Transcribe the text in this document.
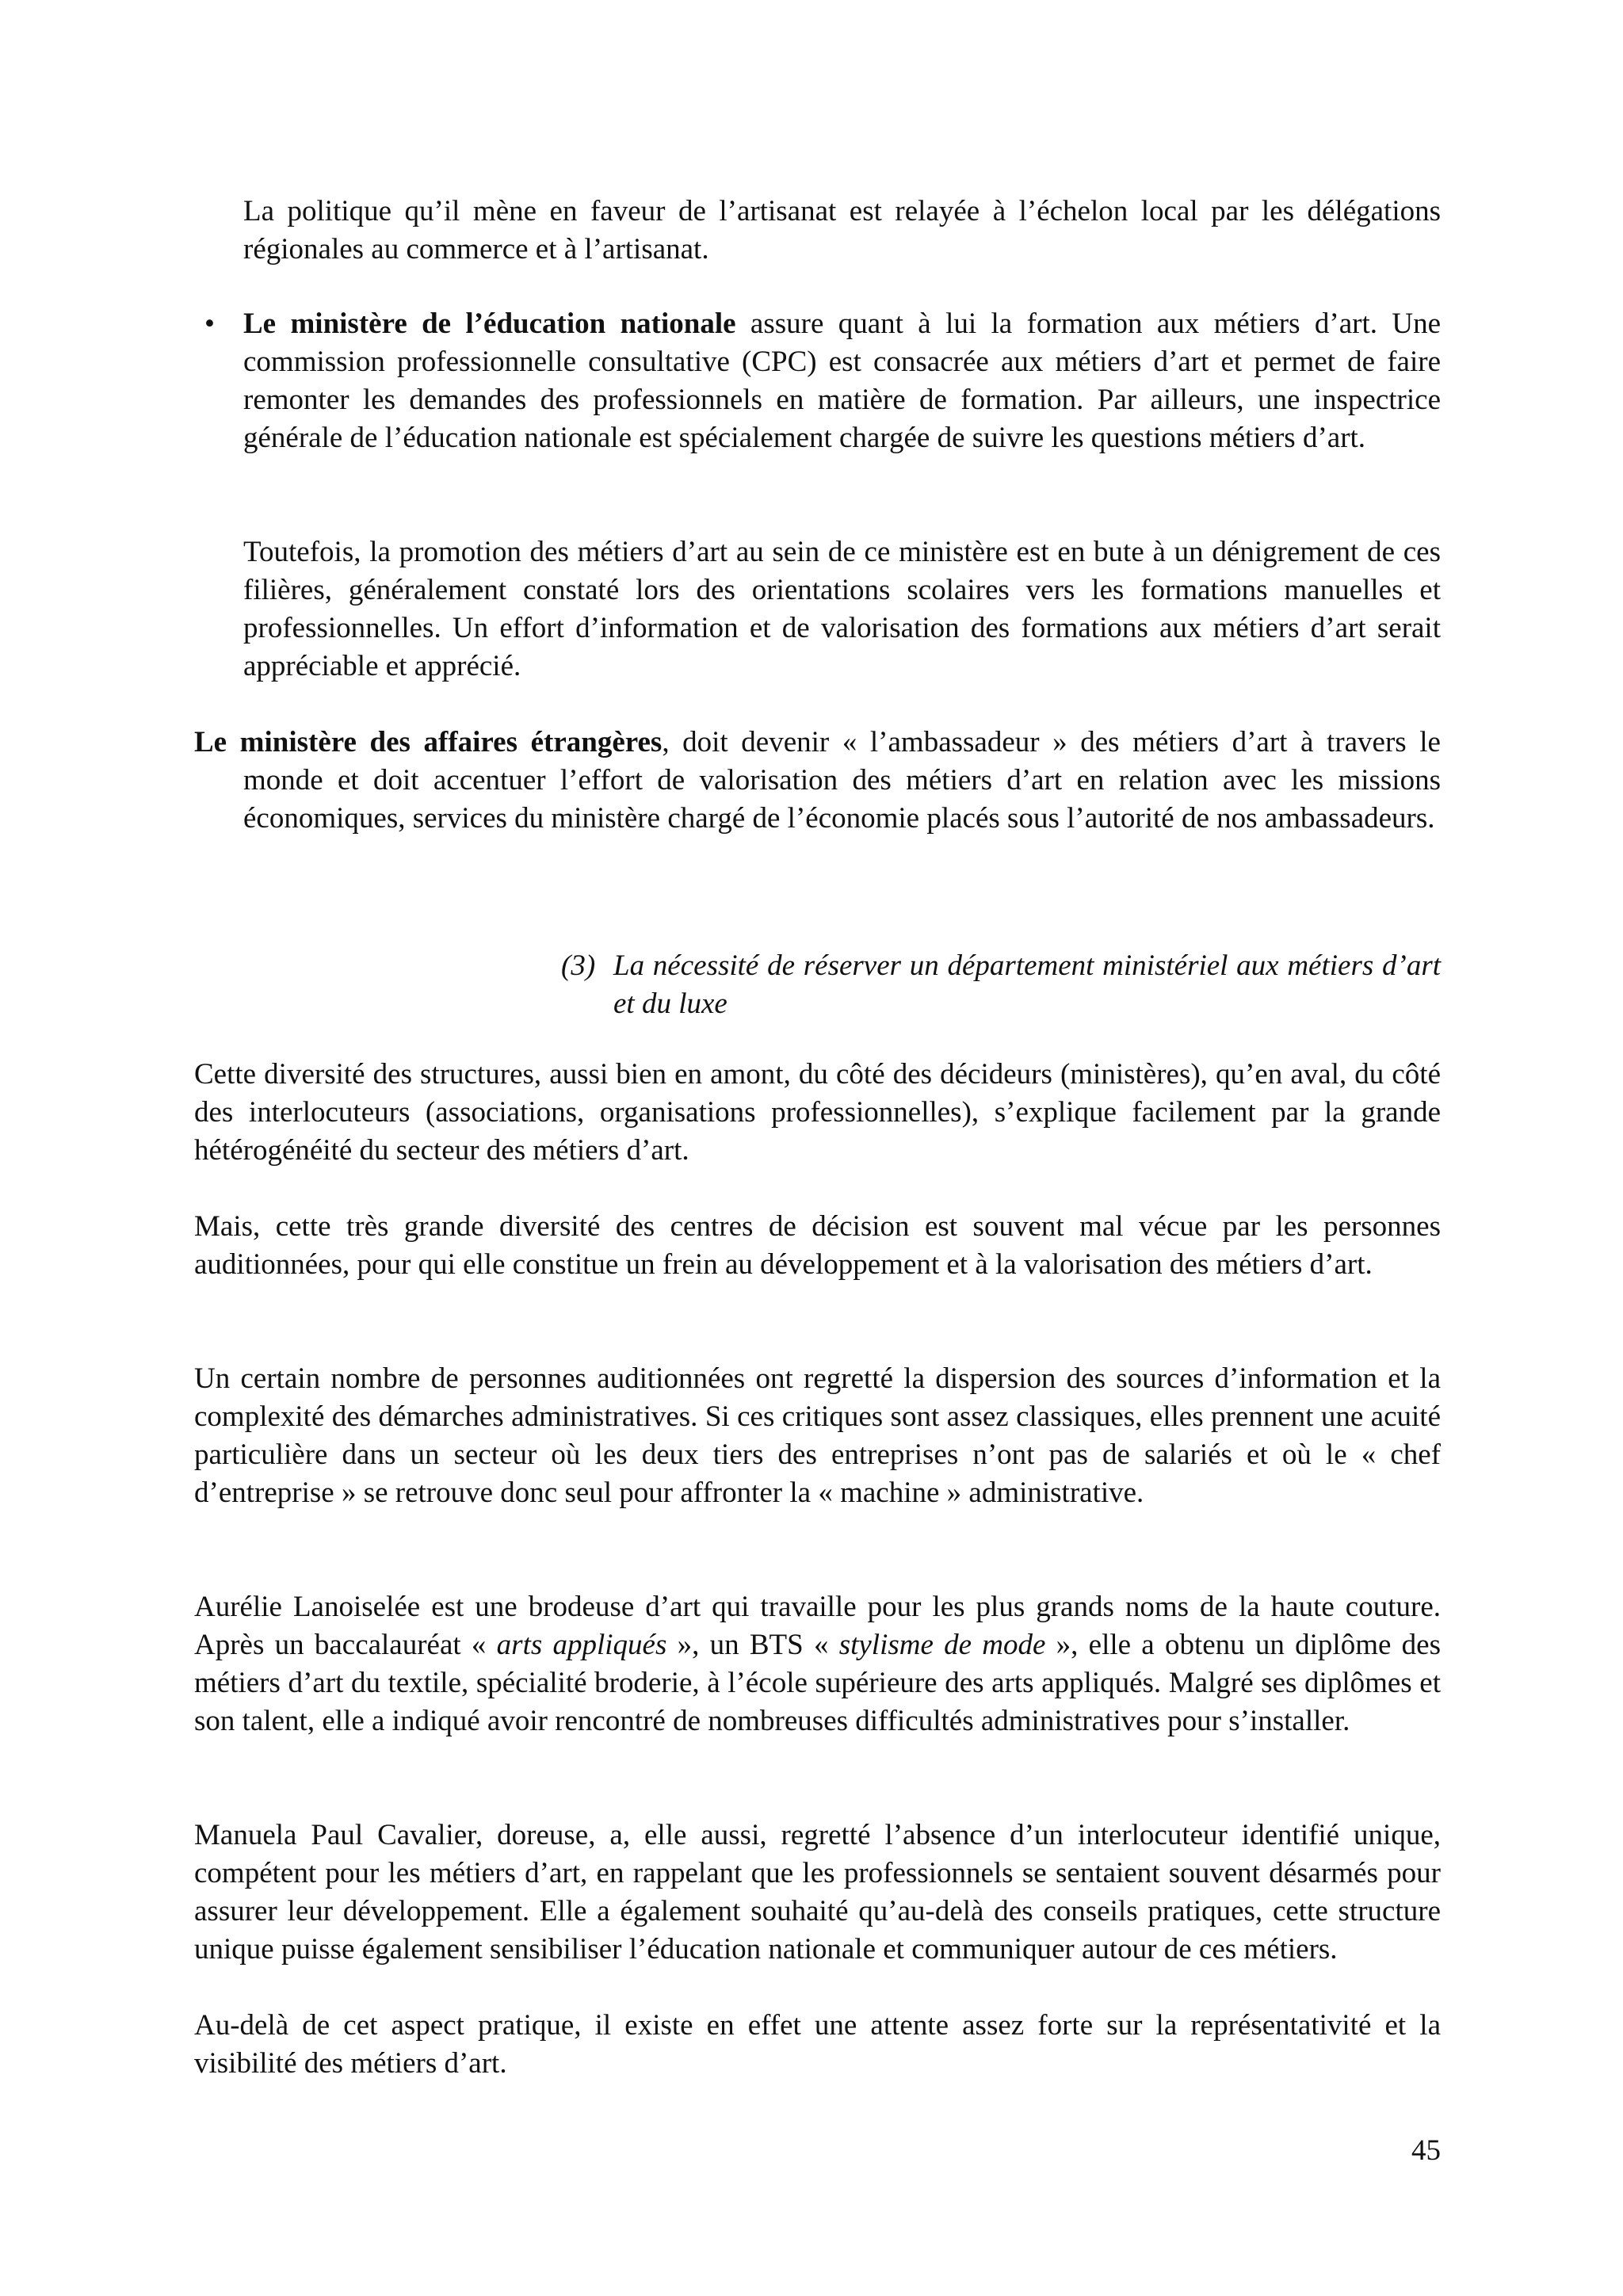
La politique qu’il mène en faveur de l’artisanat est relayée à l’échelon local par les délégations régionales au commerce et à l’artisanat.

• Le ministère de l’éducation nationale assure quant à lui la formation aux métiers d’art. Une commission professionnelle consultative (CPC) est consacrée aux métiers d’art et permet de faire remonter les demandes des professionnels en matière de formation. Par ailleurs, une inspectrice générale de l’éducation nationale est spécialement chargée de suivre les questions métiers d’art.

Toutefois, la promotion des métiers d’art au sein de ce ministère est en bute à un dénigrement de ces filières, généralement constaté lors des orientations scolaires vers les formations manuelles et professionnelles. Un effort d’information et de valorisation des formations aux métiers d’art serait appréciable et apprécié.

Le ministère des affaires étrangères, doit devenir « l’ambassadeur » des métiers d’art à travers le monde et doit accentuer l’effort de valorisation des métiers d’art en relation avec les missions économiques, services du ministère chargé de l’économie placés sous l’autorité de nos ambassadeurs.

(3) La nécessité de réserver un département ministériel aux métiers d’art et du luxe

Cette diversité des structures, aussi bien en amont, du côté des décideurs (ministères), qu’en aval, du côté des interlocuteurs (associations, organisations professionnelles), s’explique facilement par la grande hétérogénéité du secteur des métiers d’art.

Mais, cette très grande diversité des centres de décision est souvent mal vécue par les personnes auditionnées, pour qui elle constitue un frein au développement et à la valorisation des métiers d’art.

Un certain nombre de personnes auditionnées ont regretté la dispersion des sources d’information et la complexité des démarches administratives. Si ces critiques sont assez classiques, elles prennent une acuité particulière dans un secteur où les deux tiers des entreprises n’ont pas de salariés et où le « chef d’entreprise » se retrouve donc seul pour affronter la « machine » administrative.

Aurélie Lanoiselée est une brodeuse d’art qui travaille pour les plus grands noms de la haute couture. Après un baccalauréat « arts appliqués », un BTS « stylisme de mode », elle a obtenu un diplôme des métiers d’art du textile, spécialité broderie, à l’école supérieure des arts appliqués. Malgré ses diplômes et son talent, elle a indiqué avoir rencontré de nombreuses difficultés administratives pour s’installer.

Manuela Paul Cavalier, doreuse, a, elle aussi, regretté l’absence d’un interlocuteur identifié unique, compétent pour les métiers d’art, en rappelant que les professionnels se sentaient souvent désarmés pour assurer leur développement. Elle a également souhaité qu’au-delà des conseils pratiques, cette structure unique puisse également sensibiliser l’éducation nationale et communiquer autour de ces métiers.

Au-delà de cet aspect pratique, il existe en effet une attente assez forte sur la représentativité et la visibilité des métiers d’art.

45
